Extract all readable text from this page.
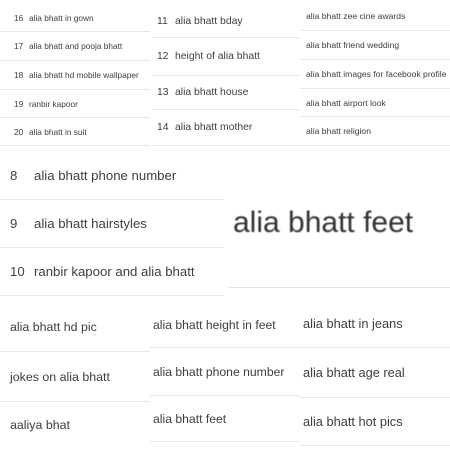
16 alia bhatt in gown
17 alia bhatt and pooja bhatt
18 alia bhatt hd mobile wallpaper
19 ranbir kapoor
20 alia bhatt in suit
11 alia bhatt bday
12 height of alia bhatt
13 alia bhatt house
14 alia bhatt mother
alia bhatt zee cine awards
alia bhatt friend wedding
alia bhatt images for facebook profile
alia bhatt airport look
alia bhatt religion
8	alia bhatt phone number
9	alia bhatt hairstyles
10 ranbir kapoor and alia bhatt
alia bhatt feet
alia bhatt hd pic
jokes on alia bhatt
aaliya bhat
alia bhatt height in feet
alia bhatt phone number
alia bhatt feet
alia bhatt in jeans
alia bhatt age real
alia bhatt hot pics
